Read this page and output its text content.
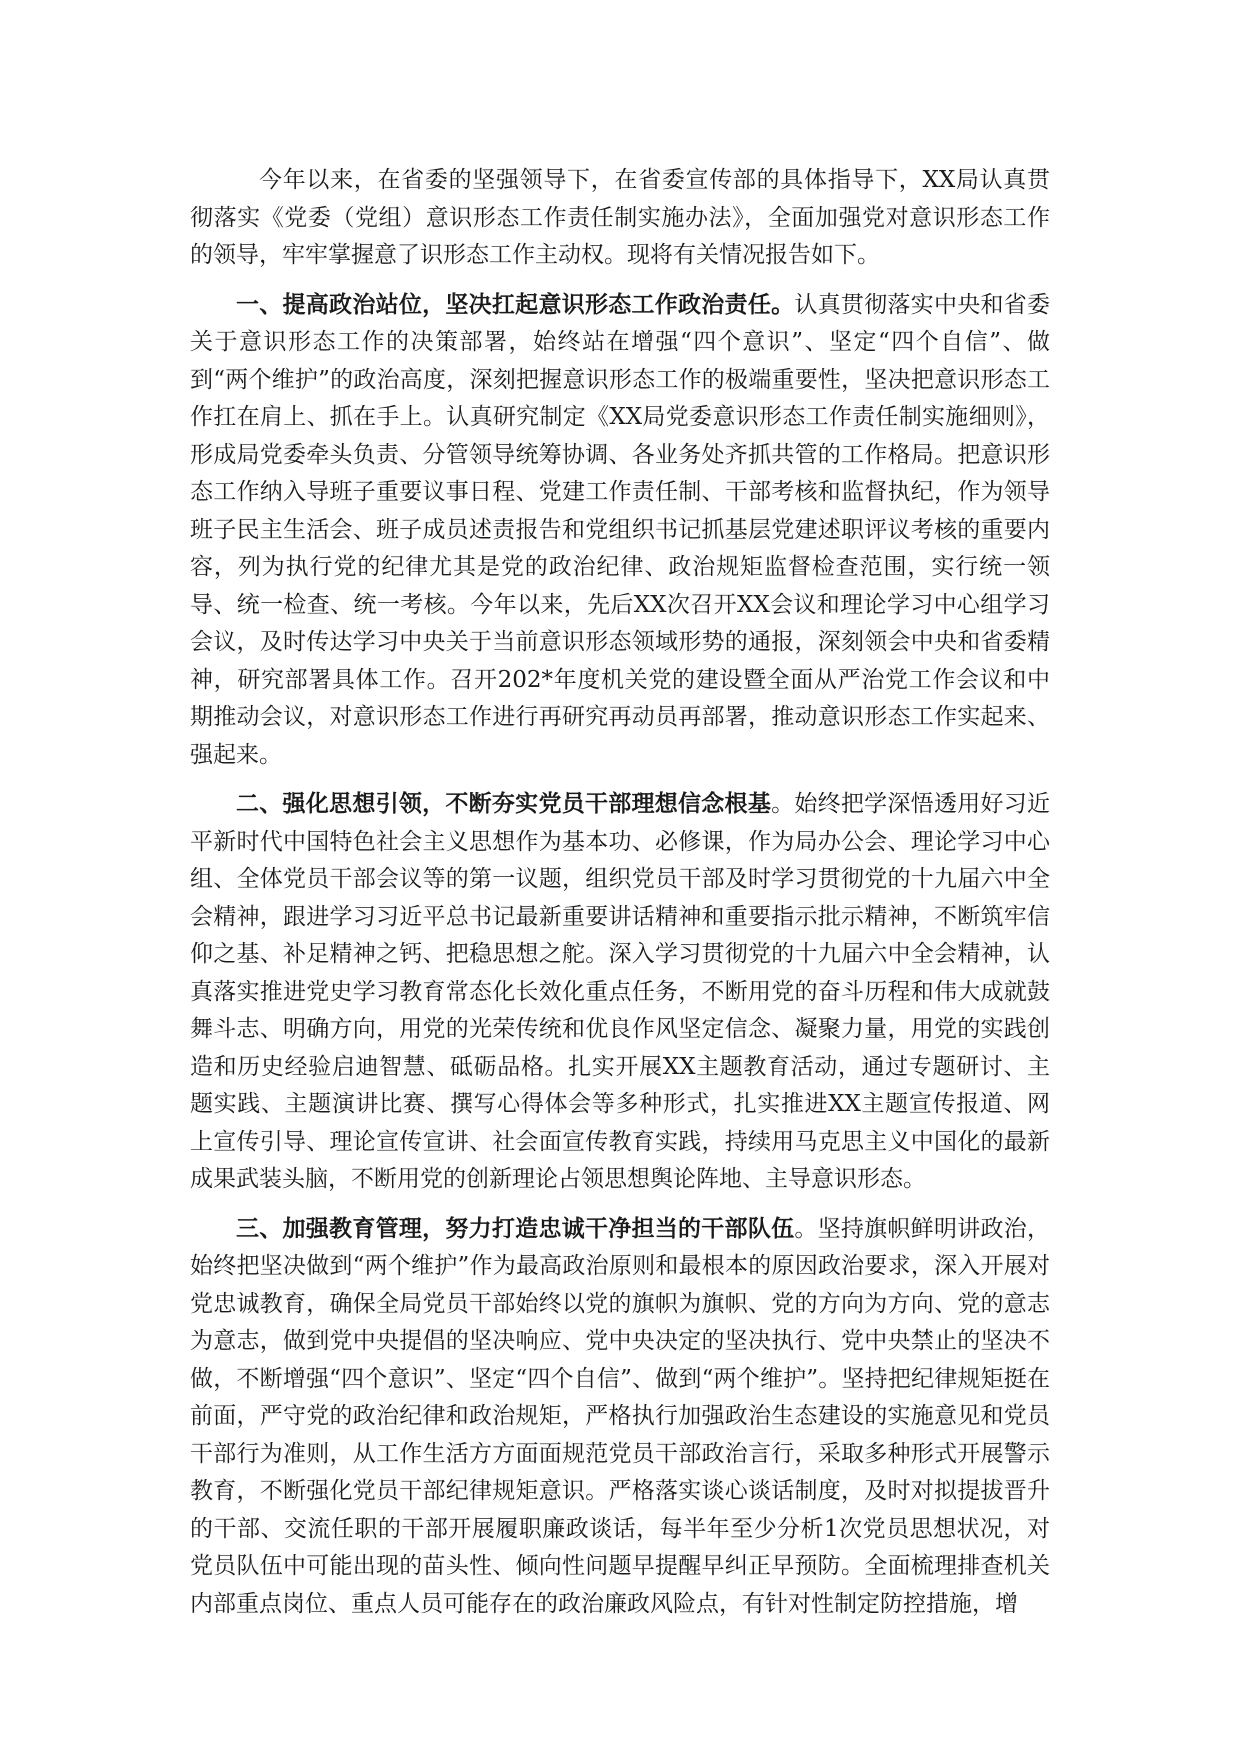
今年以来，在省委的坚强领导下，在省委宣传部的具体指导下，XX局认真贯彻落实《党委（党组）意识形态工作责任制实施办法》，全面加强党对意识形态工作的领导，牢牢掌握意了识形态工作主动权。现将有关情况报告如下。

一、提高政治站位，坚决扛起意识形态工作政治责任。认真贯彻落实中央和省委关于意识形态工作的决策部署，始终站在增强“四个意识”、坚定“四个自信”、做到“两个维护”的政治高度，深刻把握意识形态工作的极端重要性，坚决把意识形态工作扛在肩上、抓在手上。认真研究制定《XX局党委意识形态工作责任制实施细则》，形成局党委牵头负责、分管领导统筹协调、各业务处齐抓共管的工作格局。把意识形态工作纳入导班子重要议事日程、党建工作责任制、干部考核和监督执纪，作为领导班子民主生活会、班子成员述责报告和党组织书记抓基层党建述职评议考核的重要内容，列为执行党的纪律尤其是党的政治纪律、政治规矩监督检查范围，实行统一领导、统一检查、统一考核。今年以来，先后XX次召开XX会议和理论学习中心组学习会议，及时传达学习中央关于当前意识形态领域形势的通报，深刻领会中央和省委精神，研究部署具体工作。召开202*年度机关党的建设暨全面从严治党工作会议和中期推动会议，对意识形态工作进行再研究再动员再部署，推动意识形态工作实起来、强起来。

二、强化思想引领，不断夯实党员干部理想信念根基。始终把学深悟透用好习近平新时代中国特色社会主义思想作为基本功、必修课，作为局办公会、理论学习中心组、全体党员干部会议等的第一议题，组织党员干部及时学习贯彻党的十九届六中全会精神，跟进学习习近平总书记最新重要讲话精神和重要指示批示精神，不断筑牢信仰之基、补足精神之钙、把稳思想之舵。深入学习贯彻党的十九届六中全会精神，认真落实推进党史学习教育常态化长效化重点任务，不断用党的奋斗历程和伟大成就鼓舞斗志、明确方向，用党的光荣传统和优良作风坚定信念、凝聚力量，用党的实践创造和历史经验启迪智慧、砥砺品格。扎实开展XX主题教育活动，通过专题研讨、主题实践、主题演讲比赛、撰写心得体会等多种形式，扎实推进XX主题宣传报道、网上宣传引导、理论宣传宣讲、社会面宣传教育实践，持续用马克思主义中国化的最新成果武装头脑，不断用党的创新理论占领思想舆论阵地、主导意识形态。

三、加强教育管理，努力打造忠诚干净担当的干部队伍。坚持旗帜鲜明讲政治，始终把坚决做到“两个维护”作为最高政治原则和最根本的原因政治要求，深入开展对党忠诚教育，确保全局党员干部始终以党的旗帜为旗帜、党的方向为方向、党的意志为意志，做到党中央提倡的坚决响应、党中央决定的坚决执行、党中央禁止的坚决不做，不断增强“四个意识”、坚定“四个自信”、做到“两个维护”。坚持把纪律规矩挺在前面，严守党的政治纪律和政治规矩，严格执行加强政治生态建设的实施意见和党员干部行为准则，从工作生活方方面面规范党员干部政治言行，采取多种形式开展警示教育，不断强化党员干部纪律规矩意识。严格落实谈心谈话制度，及时对拟提拔晋升的干部、交流任职的干部开展履职廉政谈话，每半年至少分析1次党员思想状况，对党员队伍中可能出现的苗头性、倾向性问题早提醒早纠正早预防。全面梳理排查机关内部重点岗位、重点人员可能存在的政治廉政风险点，有针对性制定防控措施，增
